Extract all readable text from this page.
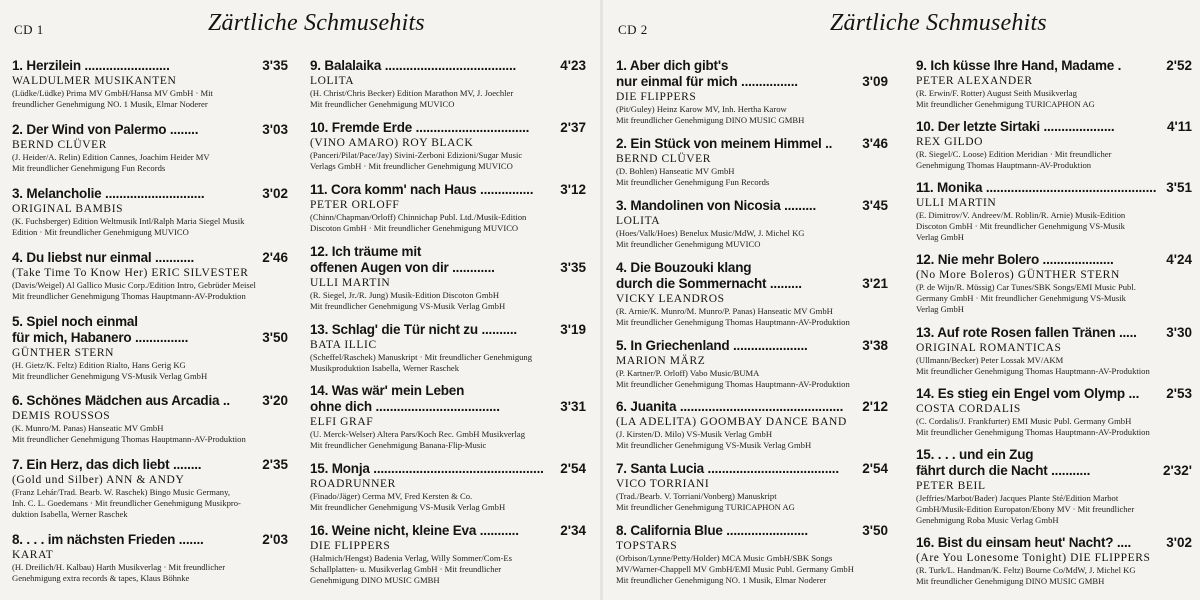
CD 1	Zärtliche Schmusehits
1. Herzilein ........................	3'35
WALDULMER MUSIKANTEN
(Lüdke/Lüdke) Prima MV GmbH/Hansa MV GmbH · Mit
freundlicher Genehmigung NO. 1 Musik, Elmar Noderer
2. Der Wind von Palermo ........	3'03
BERND CLÜVER
(J. Heider/A. Relin) Edition Cannes, Joachim Heider MV
Mit freundlicher Genehmigung Fun Records
3. Melancholie ............................	3'02
ORIGINAL BAMBIS
(K. Fuchsberger) Edition Weltmusik Intl/Ralph Maria Siegel Musik
Edition · Mit freundlicher Genehmigung MUVICO
4. Du liebst nur einmal ...........	2'46
(Take Time To Know Her) ERIC SILVESTER
(Davis/Weigel) Al Gallico Music Corp./Edition Intro, Gebrüder Meisel
Mit freundlicher Genehmigung Thomas Hauptmann-AV-Produktion
5. Spiel noch einmal
für mich, Habanero ...............	3'50
GÜNTHER STERN
(H. Gietz/K. Feltz) Edition Rialto, Hans Gerig KG
Mit freundlicher Genehmigung VS-Musik Verlag GmbH
6. Schönes Mädchen aus Arcadia ..	3'20
DEMIS ROUSSOS
(K. Munro/M. Panas) Hanseatic MV GmbH
Mit freundlicher Genehmigung Thomas Hauptmann-AV-Produktion
7. Ein Herz, das dich liebt ........	2'35
(Gold und Silber) ANN & ANDY
(Franz Lehár/Trad. Bearb. W. Raschek) Bingo Music Germany,
Inh. C. L. Goedemans · Mit freundlicher Genehmigung Musikpro-
duktion Isabella, Werner Raschek
8. . . . im nächsten Frieden .......	2'03
KARAT
(H. Dreilich/H. Kalbau) Harth Musikverlag · Mit freundlicher
Genehmigung extra records & tapes, Klaus Böhnke
9. Balalaika .....................................	4'23
LOLITA
(H. Christ/Chris Becker) Edition Marathon MV, J. Joechler
Mit freundlicher Genehmigung MUVICO
10. Fremde Erde ................................	2'37
(VINO AMARO) ROY BLACK
(Panceri/Pilat/Pace/Jay) Sivini-Zerboni Edizioni/Sugar Music
Verlags GmbH · Mit freundlicher Genehmigung MUVICO
11. Cora komm' nach Haus ...............	3'12
PETER ORLOFF
(Chinn/Chapman/Orloff) Chinnichap Publ. Ltd./Musik-Edition
Discoton GmbH · Mit freundlicher Genehmigung MUVICO
12. Ich träume mit
offenen Augen von dir ............	3'35
ULLI MARTIN
(R. Siegel, Jr./R. Jung) Musik-Edition Discoton GmbH
Mit freundlicher Genehmigung VS-Musik Verlag GmbH
13. Schlag' die Tür nicht zu ..........	3'19
BATA ILLIC
(Scheffel/Raschek) Manuskript · Mit freundlicher Genehmigung
Musikproduktion Isabella, Werner Raschek
14. Was wär' mein Leben
ohne dich ...................................	3'31
ELFI GRAF
(U. Merck-Welser) Altera Pars/Koch Rec. GmbH Musikverlag
Mit freundlicher Genehmigung Banana-Flip-Music
15. Monja ................................................	2'54
ROADRUNNER
(Finado/Jäger) Cerma MV, Fred Kersten & Co.
Mit freundlicher Genehmigung VS-Musik Verlag GmbH
16. Weine nicht, kleine Eva ...........	2'34
DIE FLIPPERS
(Halmich/Hengst) Badenia Verlag, Willy Sommer/Com-Es
Schallplatten- u. Musikverlag GmbH · Mit freundlicher
Genehmigung DINO MUSIC GMBH
CD 2	Zärtliche Schmusehits
1. Aber dich gibt's
nur einmal für mich ................	3'09
DIE FLIPPERS
(Pit/Guley) Heinz Karow MV, Inh. Hertha Karow
Mit freundlicher Genehmigung DINO MUSIC GMBH
2. Ein Stück von meinem Himmel ..	3'46
BERND CLÜVER
(D. Bohlen) Hanseatic MV GmbH
Mit freundlicher Genehmigung Fun Records
3. Mandolinen von Nicosia .........	3'45
LOLITA
(Hoes/Valk/Hoes) Benelux Music/MdW, J. Michel KG
Mit freundlicher Genehmigung MUVICO
4. Die Bouzouki klang
durch die Sommernacht .........	3'21
VICKY LEANDROS
(R. Arnie/K. Munro/M. Munro/P. Panas) Hanseatic MV GmbH
Mit freundlicher Genehmigung Thomas Hauptmann-AV-Produktion
5. In Griechenland .....................	3'38
MARION MÄRZ
(P. Kartner/P. Orloff) Vabo Music/BUMA
Mit freundlicher Genehmigung Thomas Hauptmann-AV-Produktion
6. Juanita ..............................................	2'12
(LA ADELITA) GOOMBAY DANCE BAND
(J. Kirsten/D. Milo) VS-Musik Verlag GmbH
Mit freundlicher Genehmigung VS-Musik Verlag GmbH
7. Santa Lucia .....................................	2'54
VICO TORRIANI
(Trad./Bearb. V. Torriani/Vonberg) Manuskript
Mit freundlicher Genehmigung TURICAPHON AG
8. California Blue .......................	3'50
TOPSTARS
(Orbison/Lynne/Petty/Holder) MCA Music GmbH/SBK Songs
MV/Warner-Chappell MV GmbH/EMI Music Publ. Germany GmbH
Mit freundlicher Genehmigung NO. 1 Musik, Elmar Noderer
9. Ich küsse Ihre Hand, Madame .	2'52
PETER ALEXANDER
(R. Erwin/F. Rotter) August Seith Musikverlag
Mit freundlicher Genehmigung TURICAPHON AG
10. Der letzte Sirtaki ....................	4'11
REX GILDO
(R. Siegel/C. Loose) Edition Meridian · Mit freundlicher
Genehmigung Thomas Hauptmann-AV-Produktion
11. Monika ................................................ 3'51
ULLI MARTIN
(E. Dimitrov/V. Andreev/M. Roblin/R. Arnie) Musik-Edition
Discoton GmbH · Mit freundlicher Genehmigung VS-Musik
Verlag GmbH
12. Nie mehr Bolero ....................	4'24
(No More Boleros) GÜNTHER STERN
(P. de Wijn/R. Müssig) Car Tunes/SBK Songs/EMI Music Publ.
Germany GmbH · Mit freundlicher Genehmigung VS-Musik
Verlag GmbH
13. Auf rote Rosen fallen Tränen .....	3'30
ORIGINAL ROMANTICAS
(Ullmann/Becker) Peter Lossak MV/AKM
Mit freundlicher Genehmigung Thomas Hauptmann-AV-Produktion
14. Es stieg ein Engel vom Olymp ...	2'53
COSTA CORDALIS
(C. Cordalis/J. Frankfurter) EMI Music Publ. Germany GmbH
Mit freundlicher Genehmigung Thomas Hauptmann-AV-Produktion
15. . . . und ein Zug
fährt durch die Nacht ...........	2'32'
PETER BEIL
(Jeffries/Marbot/Bader) Jacques Plante Sté/Edition Marbot
GmbH/Musik-Edition Europaton/Ebony MV · Mit freundlicher
Genehmigung Roba Music Verlag GmbH
16. Bist du einsam heut' Nacht? ....	3'02
(Are You Lonesome Tonight) DIE FLIPPERS
(R. Turk/L. Handman/K. Feltz) Bourne Co/MdW, J. Michel KG
Mit freundlicher Genehmigung DINO MUSIC GMBH
